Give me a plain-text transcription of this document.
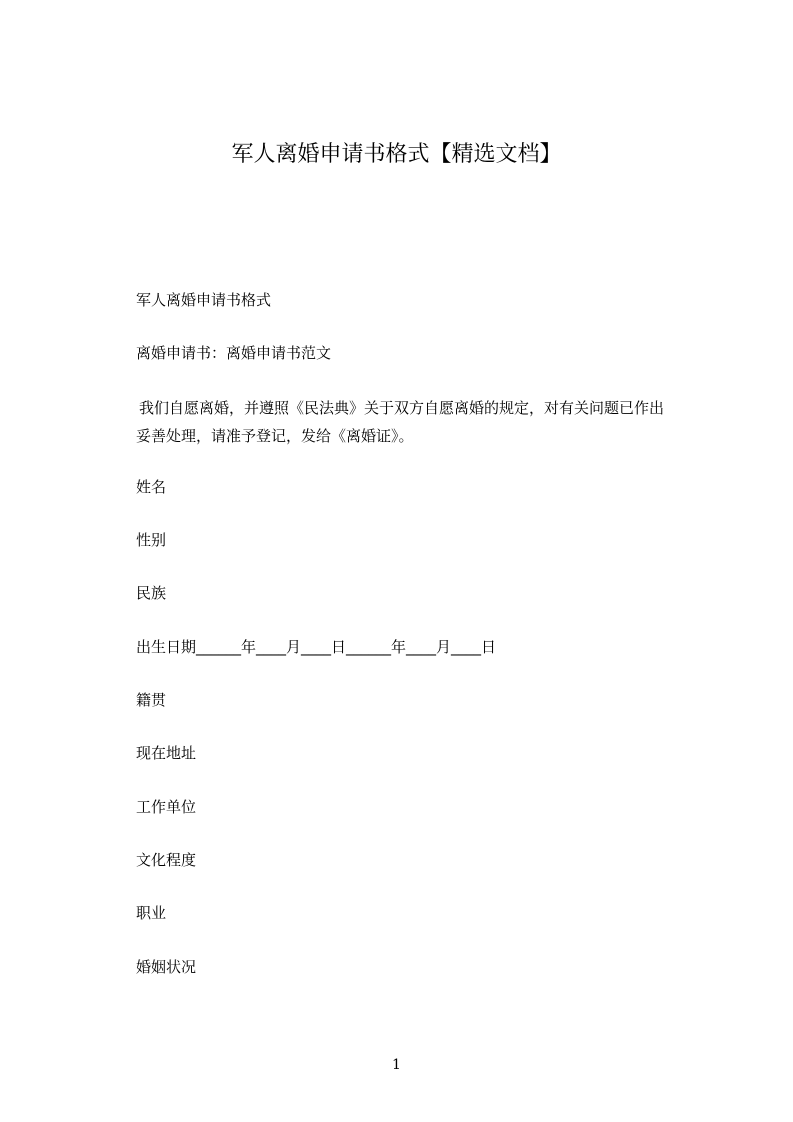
军人离婚申请书格式【精选文档】
军人离婚申请书格式
离婚申请书：离婚申请书范文
我们自愿离婚，并遵照《民法典》关于双方自愿离婚的规定，对有关问题已作出
妥善处理，请准予登记，发给《离婚证》。
姓名
性别
民族
出生日期______年____月____日______年____月____日
籍贯
现在地址
工作单位
文化程度
职业
婚姻状况
1
